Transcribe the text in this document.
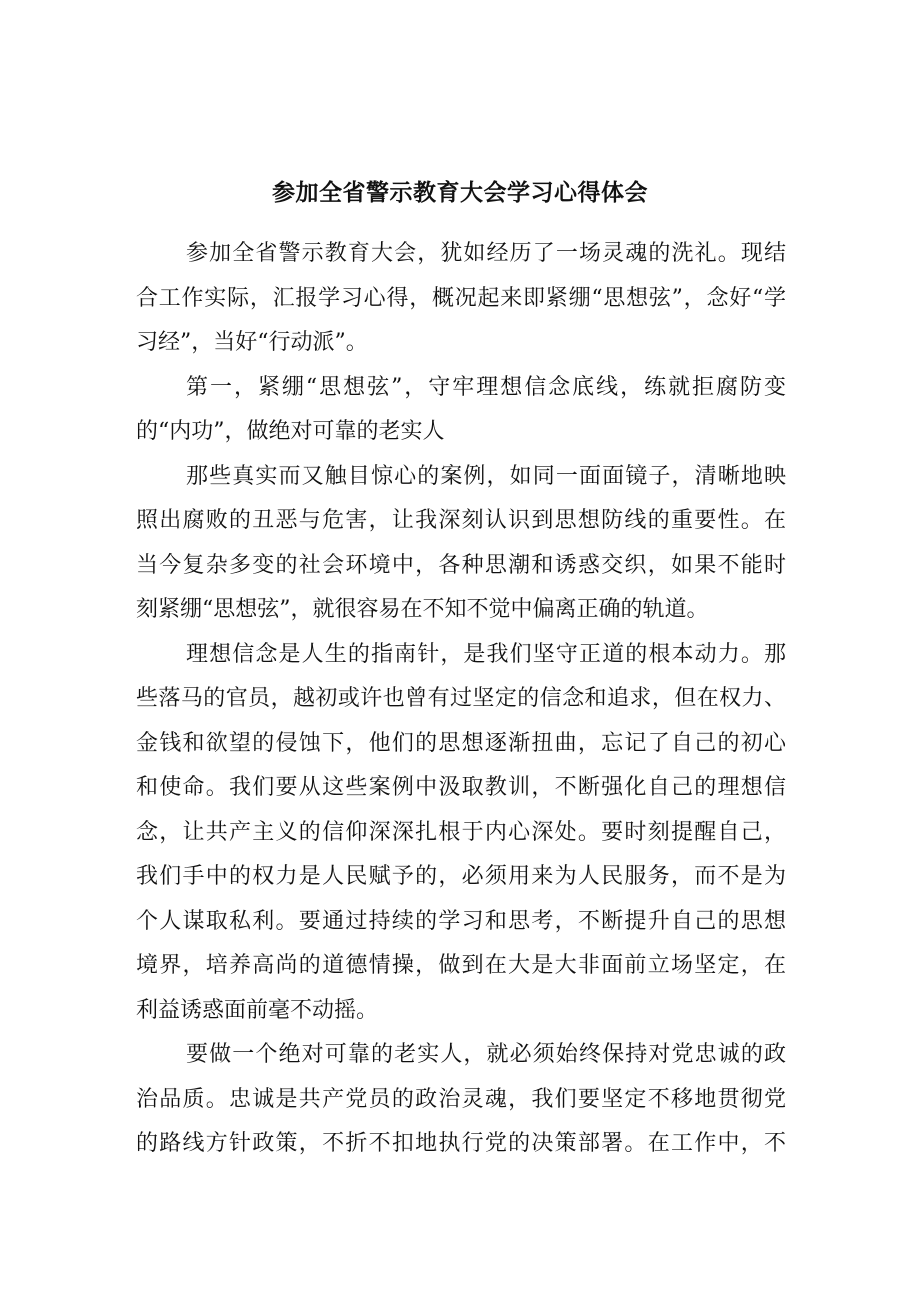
参加全省警示教育大会学习心得体会
参加全省警示教育大会，犹如经历了一场灵魂的洗礼。现结
合工作实际，汇报学习心得，概况起来即紧绷“思想弦”，念好“学
习经”，当好“行动派”。
第一，紧绷“思想弦”，守牢理想信念底线，练就拒腐防变
的“内功”，做绝对可靠的老实人
那些真实而又触目惊心的案例，如同一面面镜子，清晰地映
照出腐败的丑恶与危害，让我深刻认识到思想防线的重要性。在
当今复杂多变的社会环境中，各种思潮和诱惑交织，如果不能时
刻紧绷“思想弦”，就很容易在不知不觉中偏离正确的轨道。
理想信念是人生的指南针，是我们坚守正道的根本动力。那
些落马的官员，越初或许也曾有过坚定的信念和追求，但在权力、
金钱和欲望的侵蚀下，他们的思想逐渐扭曲，忘记了自己的初心
和使命。我们要从这些案例中汲取教训，不断强化自己的理想信
念，让共产主义的信仰深深扎根于内心深处。要时刻提醒自己，
我们手中的权力是人民赋予的，必须用来为人民服务，而不是为
个人谋取私利。要通过持续的学习和思考，不断提升自己的思想
境界，培养高尚的道德情操，做到在大是大非面前立场坚定，在
利益诱惑面前毫不动摇。
要做一个绝对可靠的老实人，就必须始终保持对党忠诚的政
治品质。忠诚是共产党员的政治灵魂，我们要坚定不移地贯彻党
的路线方针政策，不折不扣地执行党的决策部署。在工作中，不
